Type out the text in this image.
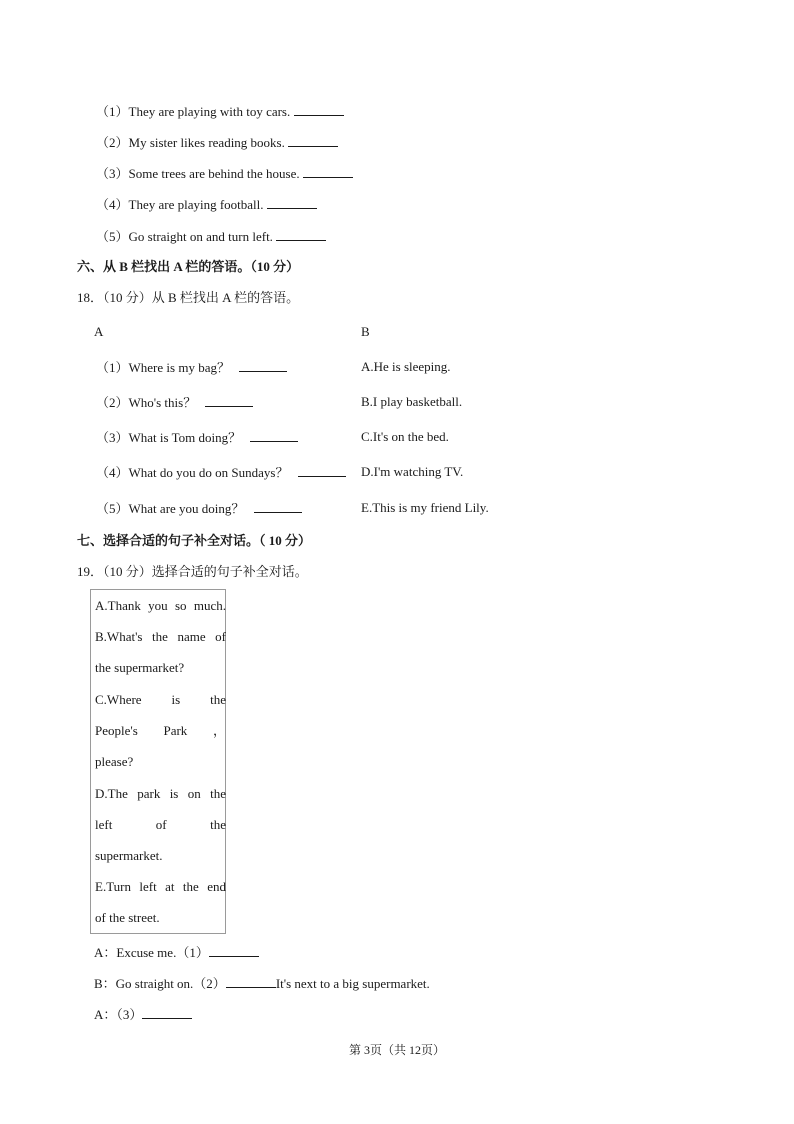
（1）They are playing with toy cars.
（2）My sister likes reading books.
（3）Some trees are behind the house.
（4）They are playing football.
（5）Go straight on and turn left.
六、从 B 栏找出 A 栏的答语。（10 分）
18．（10 分）从 B 栏找出 A 栏的答语。
A	B
（1）Where is my bag？	A.He is sleeping.
（2）Who's this？	B.I play basketball.
（3）What is Tom doing？	C.It's on the bed.
（4）What do you do on Sundays？	D.I'm watching TV.
（5）What are you doing？	E.This is my friend Lily.
七、选择合适的句子补全对话。（ 10 分）
19．（10 分）选择合适的句子补全对话。
A.Thank you so much.
B.What's the name of
the supermarket?
C.Where is the
People's Park ，
please?
D.The park is on the
left of the
supermarket.
E.Turn left at the end
of the street.
A：Excuse me.（1）
B：Go straight on.（2）	It's next to a big supermarket.
A：（3）
第 3页（共 12页）
